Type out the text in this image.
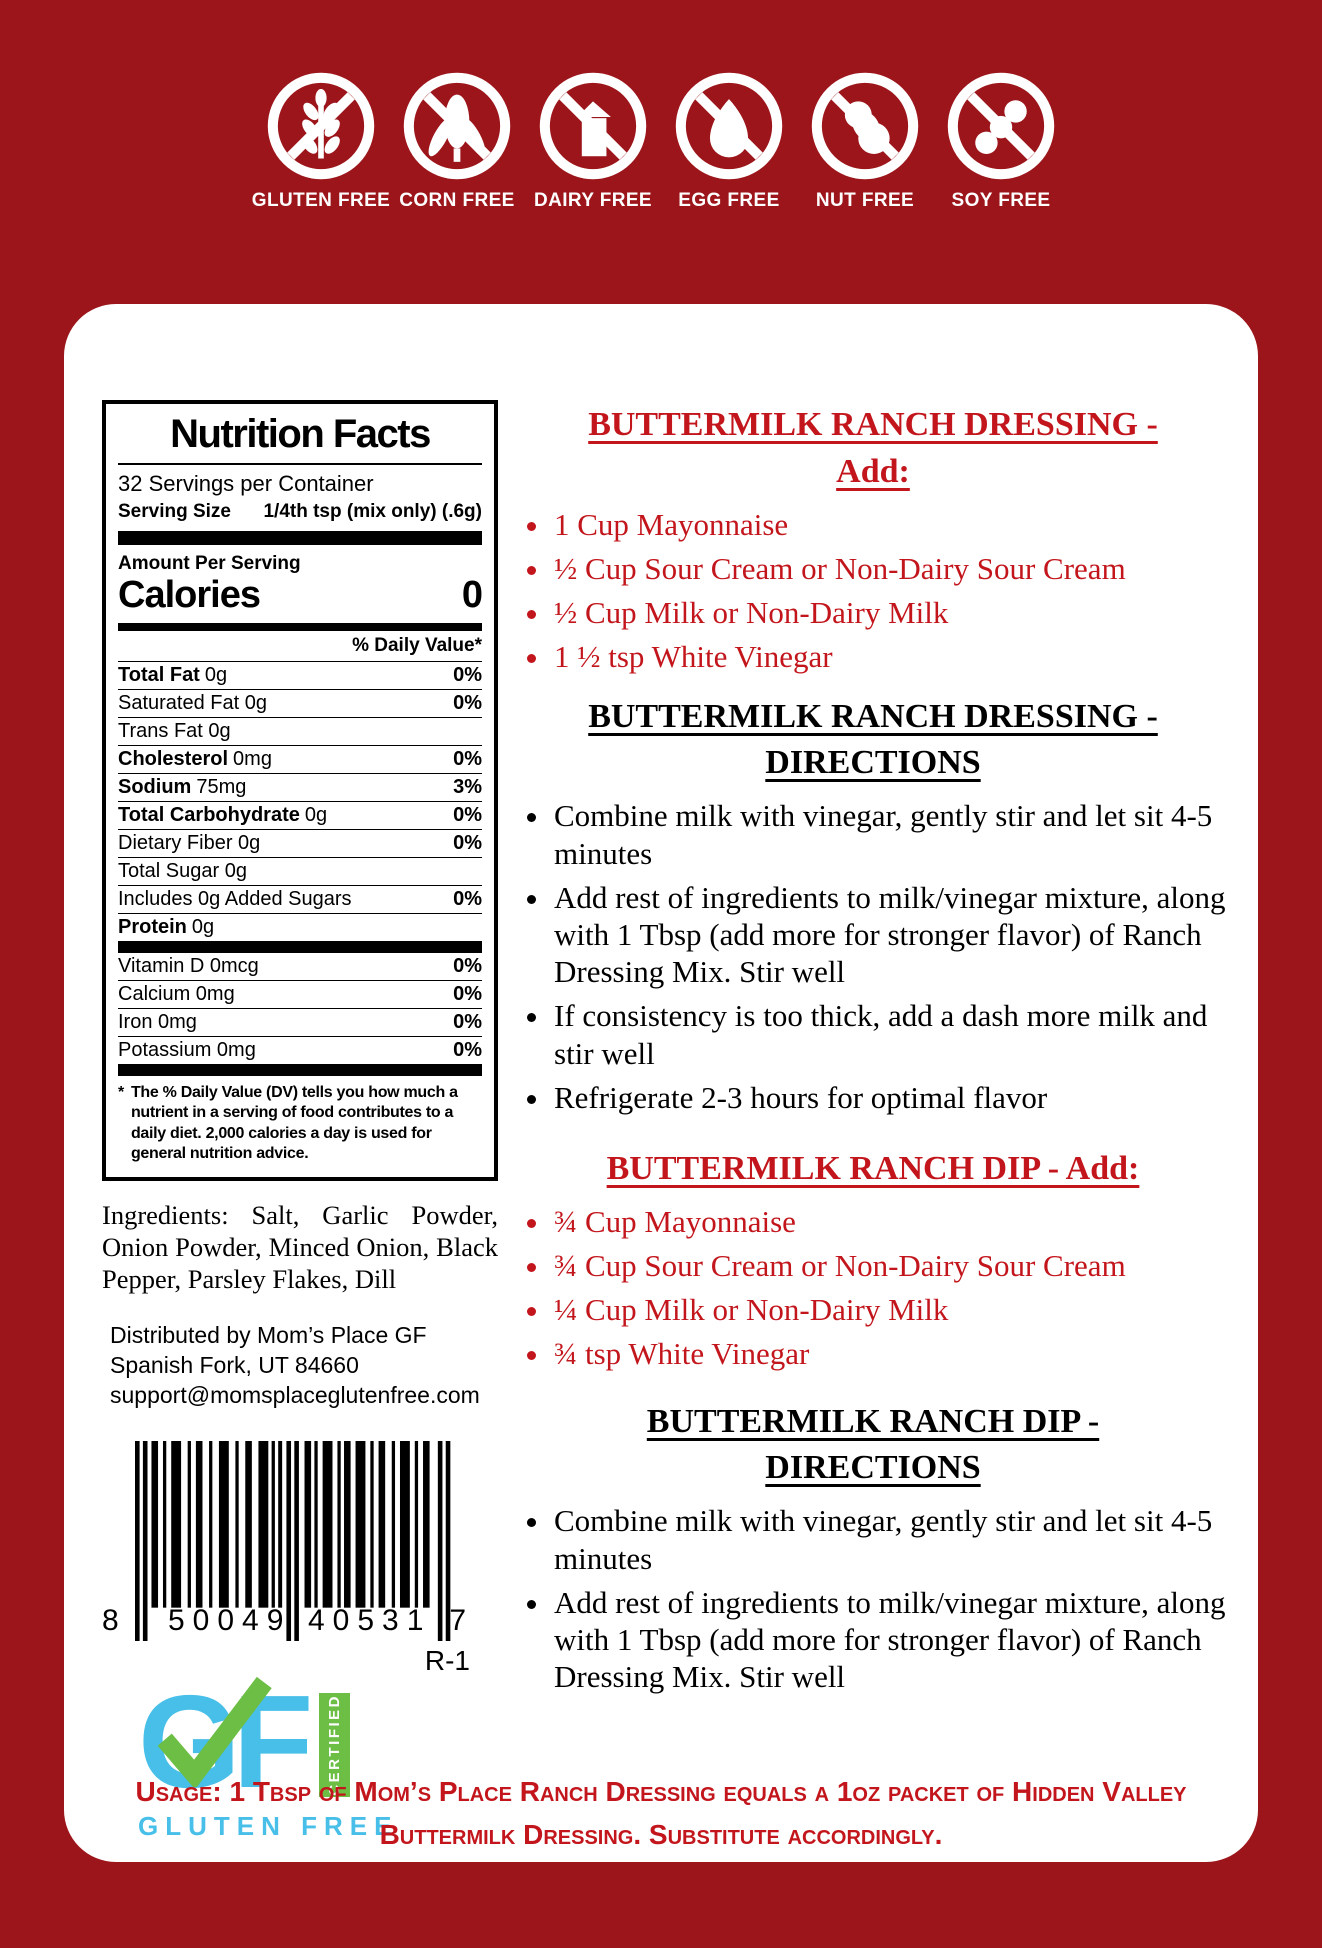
GLUTEN FREE CORN FREE DAIRY FREE EGG FREE NUT FREE SOY FREE
Nutrition Facts
32 Servings per Container
Serving Size 1/4th tsp (mix only) (.6g)
Amount Per Serving
Calories	0
% Daily Value*
Total Fat 0g	0%
Saturated Fat 0g	0%
Trans Fat 0g
Cholesterol 0mg	0%
Sodium 75mg	3%
Total Carbohydrate 0g	0%
Dietary Fiber 0g	0%
Total Sugar 0g
Includes 0g Added Sugars	0%
Protein 0g
Vitamin D 0mcg	0%
Calcium 0mg	0%
Iron 0mg	0%
Potassium 0mg	0%
* The % Daily Value (DV) tells you how much a nutrient in a serving of food contributes to a daily diet. 2,000 calories a day is used for general nutrition advice.
Ingredients: Salt, Garlic Powder, Onion Powder, Minced Onion, Black Pepper, Parsley Flakes, Dill
Distributed by Mom’s Place GF
Spanish Fork, UT 84660
support@momsplaceglutenfree.com
8 50049 40531 7
R-1
G F CERTIFIED
GLUTEN FREE
BUTTERMILK RANCH DRESSING -
Add:
• 1 Cup Mayonnaise
• ½ Cup Sour Cream or Non-Dairy Sour Cream
• ½ Cup Milk or Non-Dairy Milk
• 1 ½ tsp White Vinegar
BUTTERMILK RANCH DRESSING -
DIRECTIONS
• Combine milk with vinegar, gently stir and let sit 4-5 minutes
• Add rest of ingredients to milk/vinegar mixture, along with 1 Tbsp (add more for stronger flavor) of Ranch Dressing Mix. Stir well
• If consistency is too thick, add a dash more milk and stir well
• Refrigerate 2-3 hours for optimal flavor
BUTTERMILK RANCH DIP - Add:
• ¾ Cup Mayonnaise
• ¾ Cup Sour Cream or Non-Dairy Sour Cream
• ¼ Cup Milk or Non-Dairy Milk
• ¾ tsp White Vinegar
BUTTERMILK RANCH DIP -
DIRECTIONS
• Combine milk with vinegar, gently stir and let sit 4-5 minutes
• Add rest of ingredients to milk/vinegar mixture, along with 1 Tbsp (add more for stronger flavor) of Ranch Dressing Mix. Stir well
Usage: 1 Tbsp of Mom’s Place Ranch Dressing equals a 1oz packet of Hidden Valley Buttermilk Dressing. Substitute accordingly.
